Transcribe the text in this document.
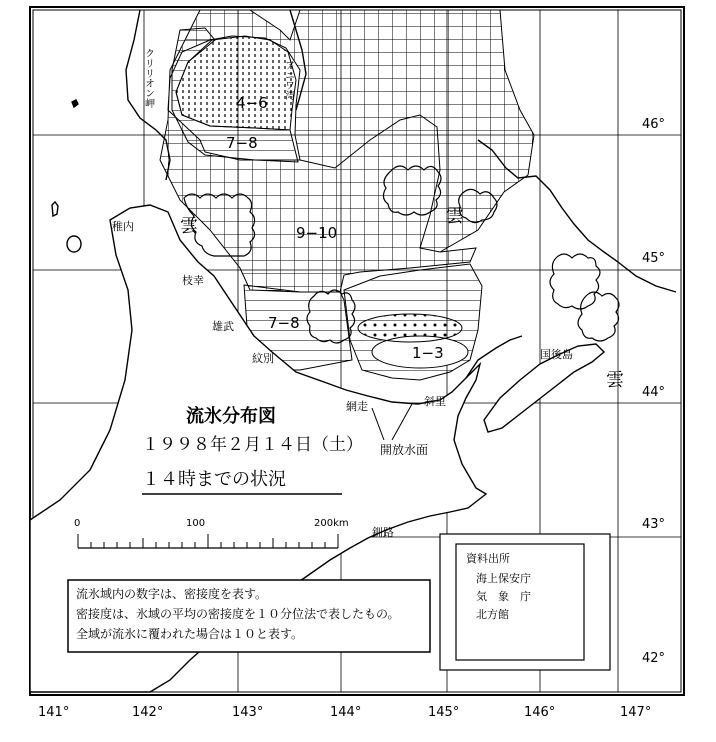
4−6
7−8
9−10
7−8
1−3
クリリオン岬	アニワ湾
稚内
枝幸
雄武
紋別
網走	斜里
国後島
釧路
開放水面
雲	雲
雲
流氷分布図
１９９８年２月１４日（土）
１４時までの状況
0	100	200km
流氷域内の数字は、密接度を表す。
密接度は、氷域の平均の密接度を１０分位法で表したもの。
全域が流氷に覆われた場合は１０と表す。
資料出所
海上保安庁
気　象　庁
北方館
141°	142°	143°	144°	145°	146°	147°
46°
45°
44°
43°
42°
